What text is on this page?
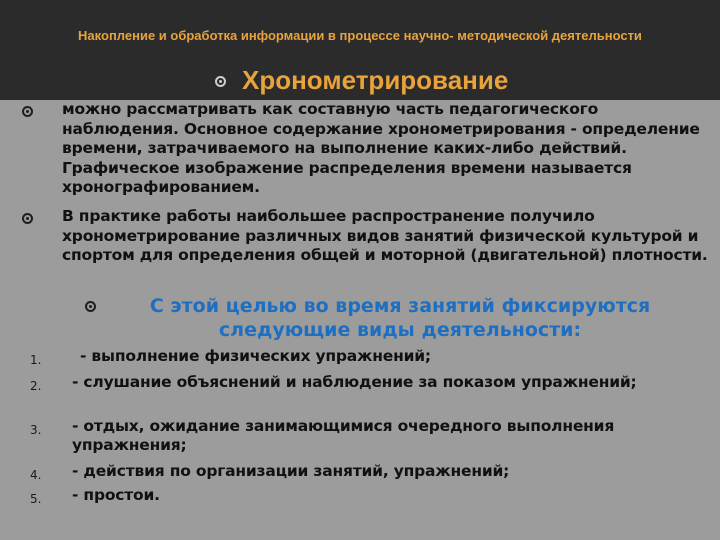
Накопление и обработка информации в процессе научно- методической деятельности
Хронометрирование
можно рассматривать как составную часть педагогического наблюдения. Основное содержание хронометрирования - определение времени, затрачиваемого на выполнение каких-либо действий. Графическое изображение распределения времени называется хронографированием.
В практике работы наибольшее распространение получило хронометрирование различных видов занятий физической культурой и спортом для определения общей и моторной (двигательной) плотности.
С этой целью во время занятий фиксируются следующие виды деятельности:
1. - выполнение физических упражнений;
2. - слушание объяснений и наблюдение за показом упражнений;
3. - отдых, ожидание занимающимися очередного выполнения упражнения;
4. - действия по организации занятий, упражнений;
5. - простои.
